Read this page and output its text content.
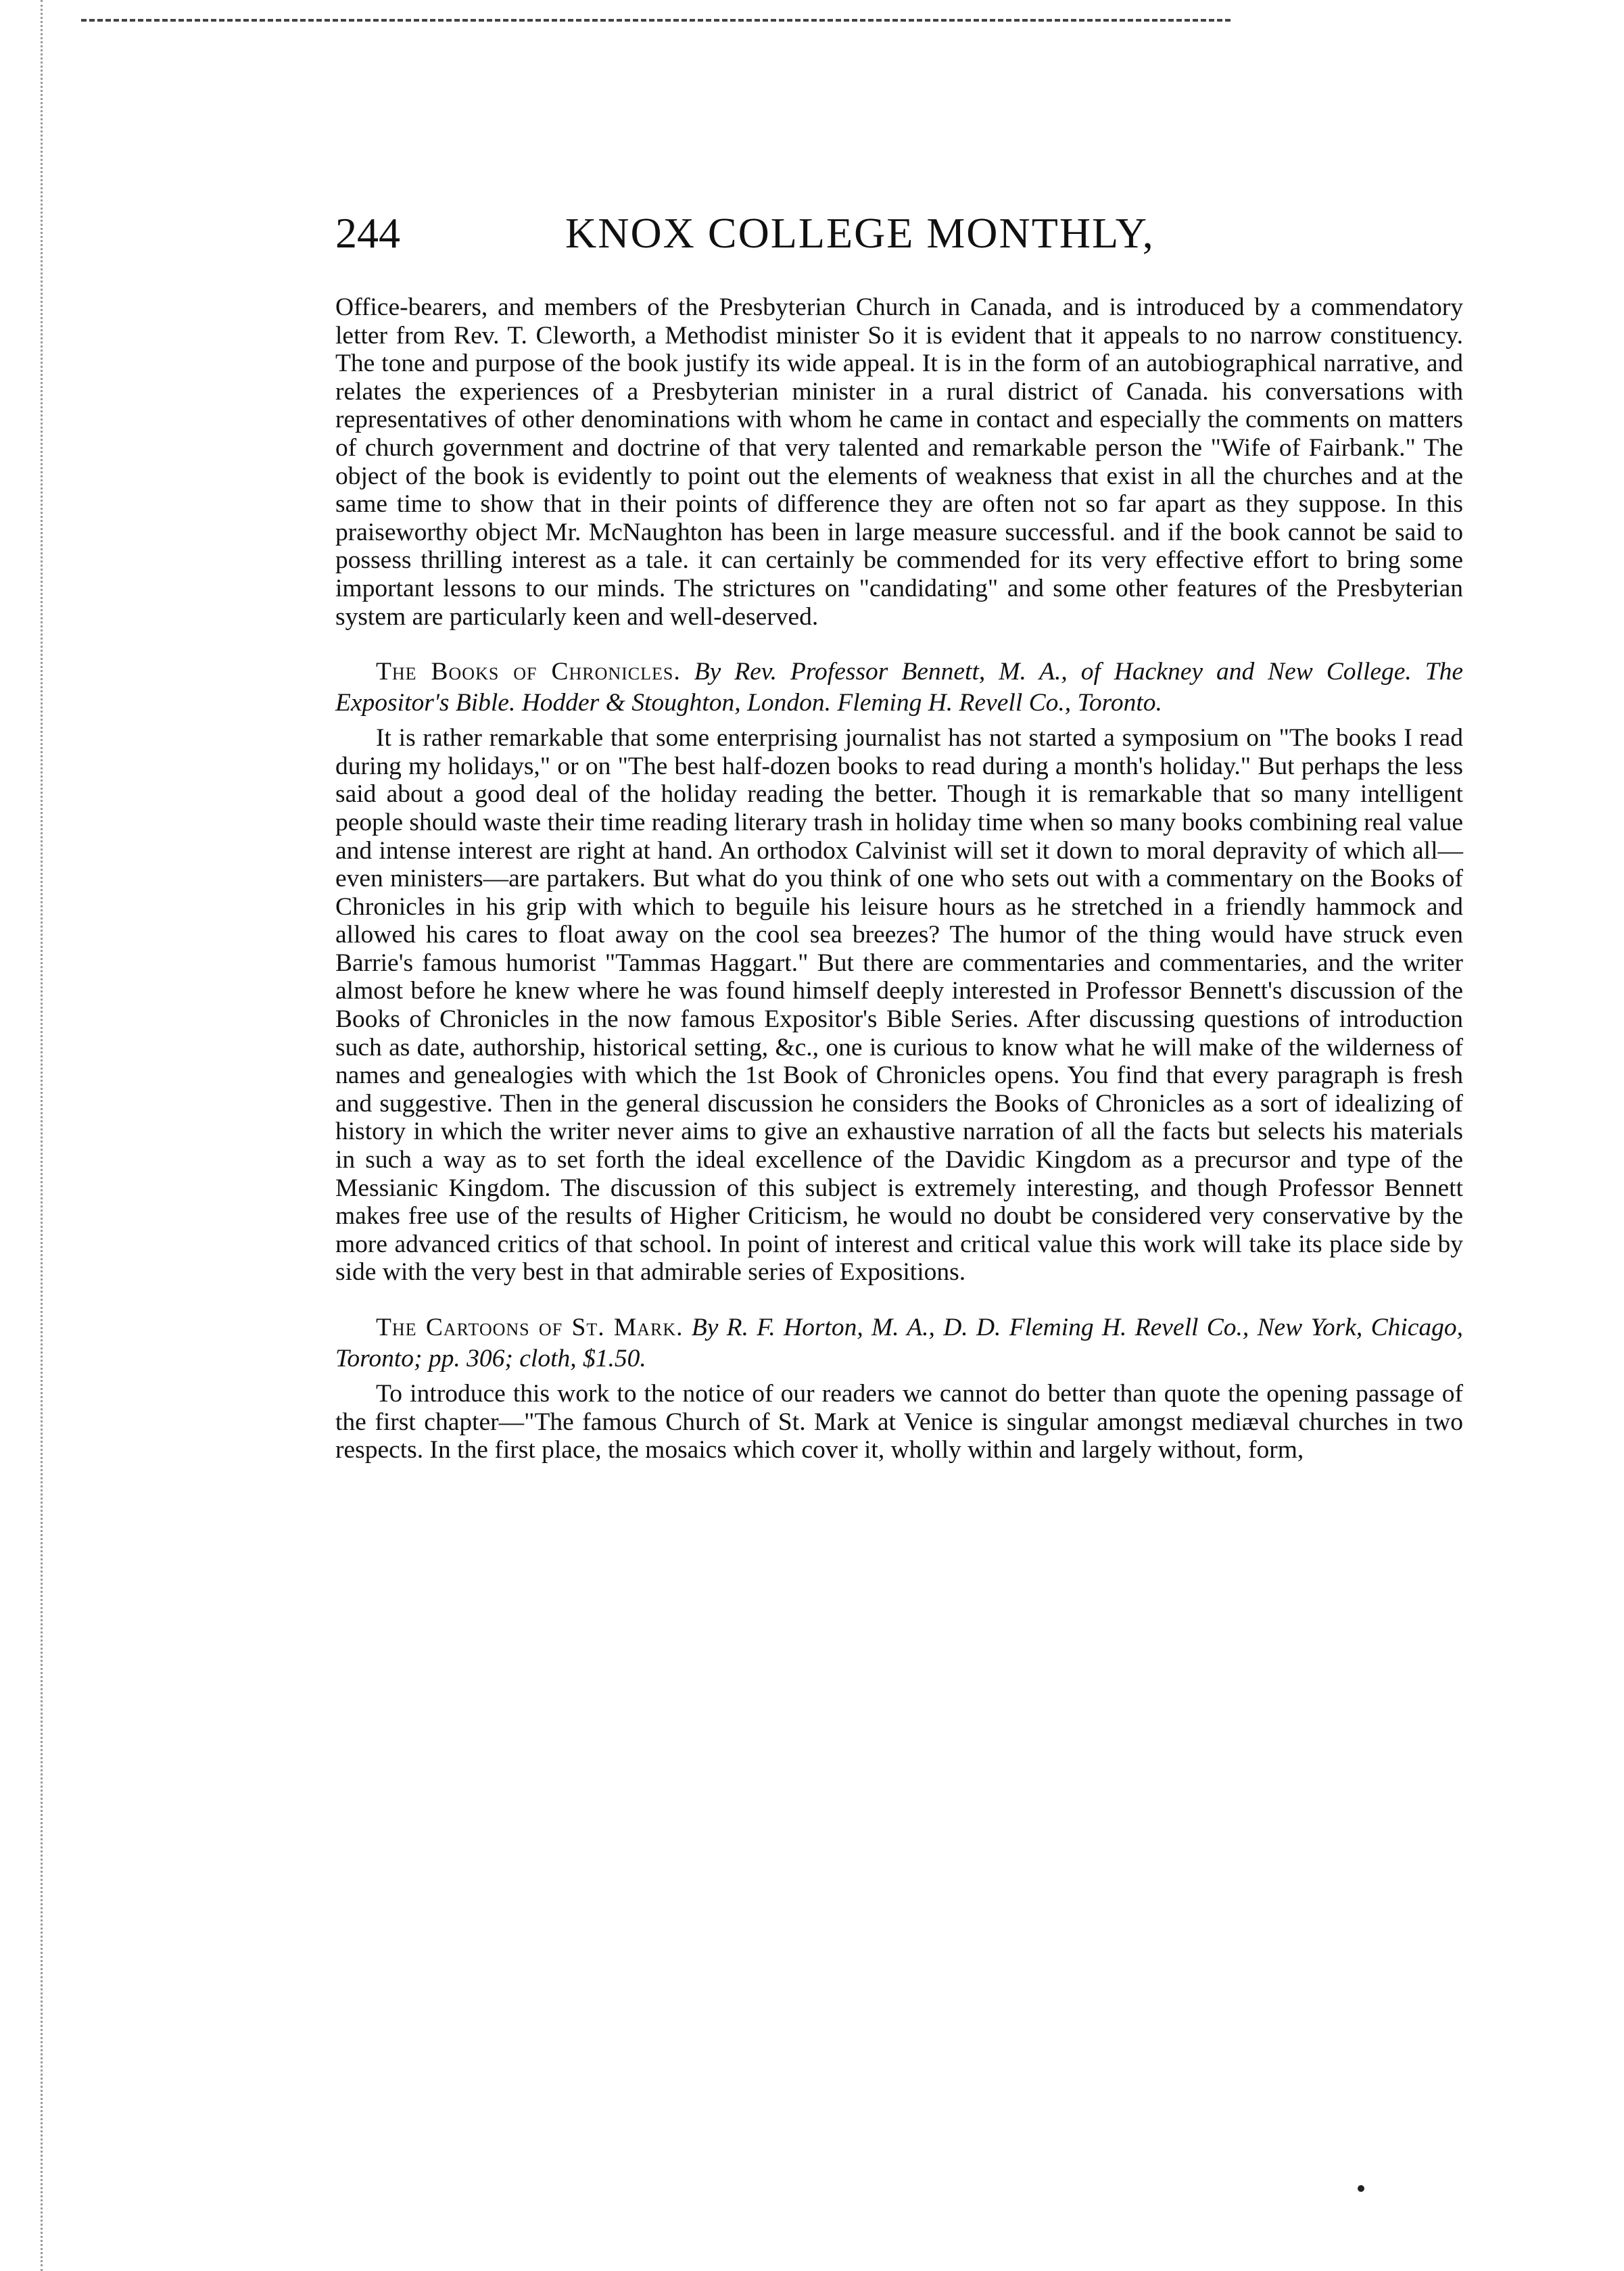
244	KNOX COLLEGE MONTHLY,

Office-bearers, and members of the Presbyterian Church in Canada, and is introduced by a commendatory letter from Rev. T. Cleworth, a Methodist minister So it is evident that it appeals to no narrow constituency. The tone and purpose of the book justify its wide appeal. It is in the form of an autobiographical narrative, and relates the experiences of a Presbyterian minister in a rural district of Canada. his conversations with representatives of other denominations with whom he came in contact and especially the comments on matters of church government and doctrine of that very talented and remarkable person the "Wife of Fairbank." The object of the book is evidently to point out the elements of weakness that exist in all the churches and at the same time to show that in their points of difference they are often not so far apart as they suppose. In this praiseworthy object Mr. McNaughton has been in large measure successful. and if the book cannot be said to possess thrilling interest as a tale. it can certainly be commended for its very effective effort to bring some important lessons to our minds. The strictures on "candidating" and some other features of the Presbyterian system are particularly keen and well-deserved.

The Books of Chronicles. By Rev. Professor Bennett, M. A., of Hackney and New College. The Expositor's Bible. Hodder & Stoughton, London. Fleming H. Revell Co., Toronto.

It is rather remarkable that some enterprising journalist has not started a symposium on "The books I read during my holidays," or on "The best half-dozen books to read during a month's holiday." But perhaps the less said about a good deal of the holiday reading the better. Though it is remarkable that so many intelligent people should waste their time reading literary trash in holiday time when so many books combining real value and intense interest are right at hand. An orthodox Calvinist will set it down to moral depravity of which all—even ministers—are partakers. But what do you think of one who sets out with a commentary on the Books of Chronicles in his grip with which to beguile his leisure hours as he stretched in a friendly hammock and allowed his cares to float away on the cool sea breezes? The humor of the thing would have struck even Barrie's famous humorist "Tammas Haggart." But there are commentaries and commentaries, and the writer almost before he knew where he was found himself deeply interested in Professor Bennett's discussion of the Books of Chronicles in the now famous Expositor's Bible Series. After discussing questions of introduction such as date, authorship, historical setting, &c., one is curious to know what he will make of the wilderness of names and genealogies with which the 1st Book of Chronicles opens. You find that every paragraph is fresh and suggestive. Then in the general discussion he considers the Books of Chronicles as a sort of idealizing of history in which the writer never aims to give an exhaustive narration of all the facts but selects his materials in such a way as to set forth the ideal excellence of the Davidic Kingdom as a precursor and type of the Messianic Kingdom. The discussion of this subject is extremely interesting, and though Professor Bennett makes free use of the results of Higher Criticism, he would no doubt be considered very conservative by the more advanced critics of that school. In point of interest and critical value this work will take its place side by side with the very best in that admirable series of Expositions.

The Cartoons of St. Mark. By R. F. Horton, M. A., D. D. Fleming H. Revell Co., New York, Chicago, Toronto; pp. 306; cloth, $1.50.

To introduce this work to the notice of our readers we cannot do better than quote the opening passage of the first chapter—"The famous Church of St. Mark at Venice is singular amongst mediæval churches in two respects. In the first place, the mosaics which cover it, wholly within and largely without, form,
